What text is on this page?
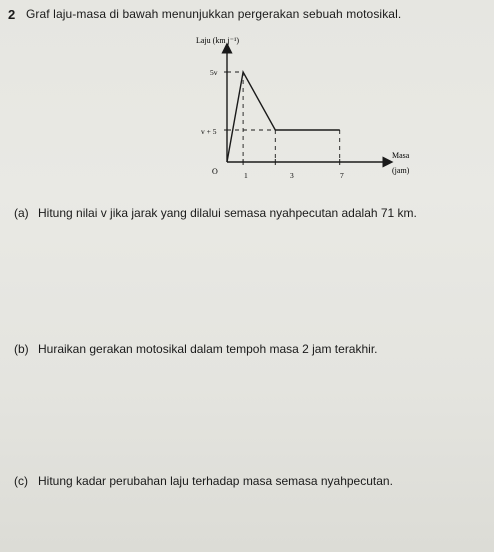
2 Graf laju-masa di bawah menunjukkan pergerakan sebuah motosikal.
Laju (km j⁻¹)
Masa
(jam)
O
5v
v + 5
1	3	7
(a) Hitung nilai v jika jarak yang dilalui semasa nyahpecutan adalah 71 km.
(b) Huraikan gerakan motosikal dalam tempoh masa 2 jam terakhir.
(c) Hitung kadar perubahan laju terhadap masa semasa nyahpecutan.
